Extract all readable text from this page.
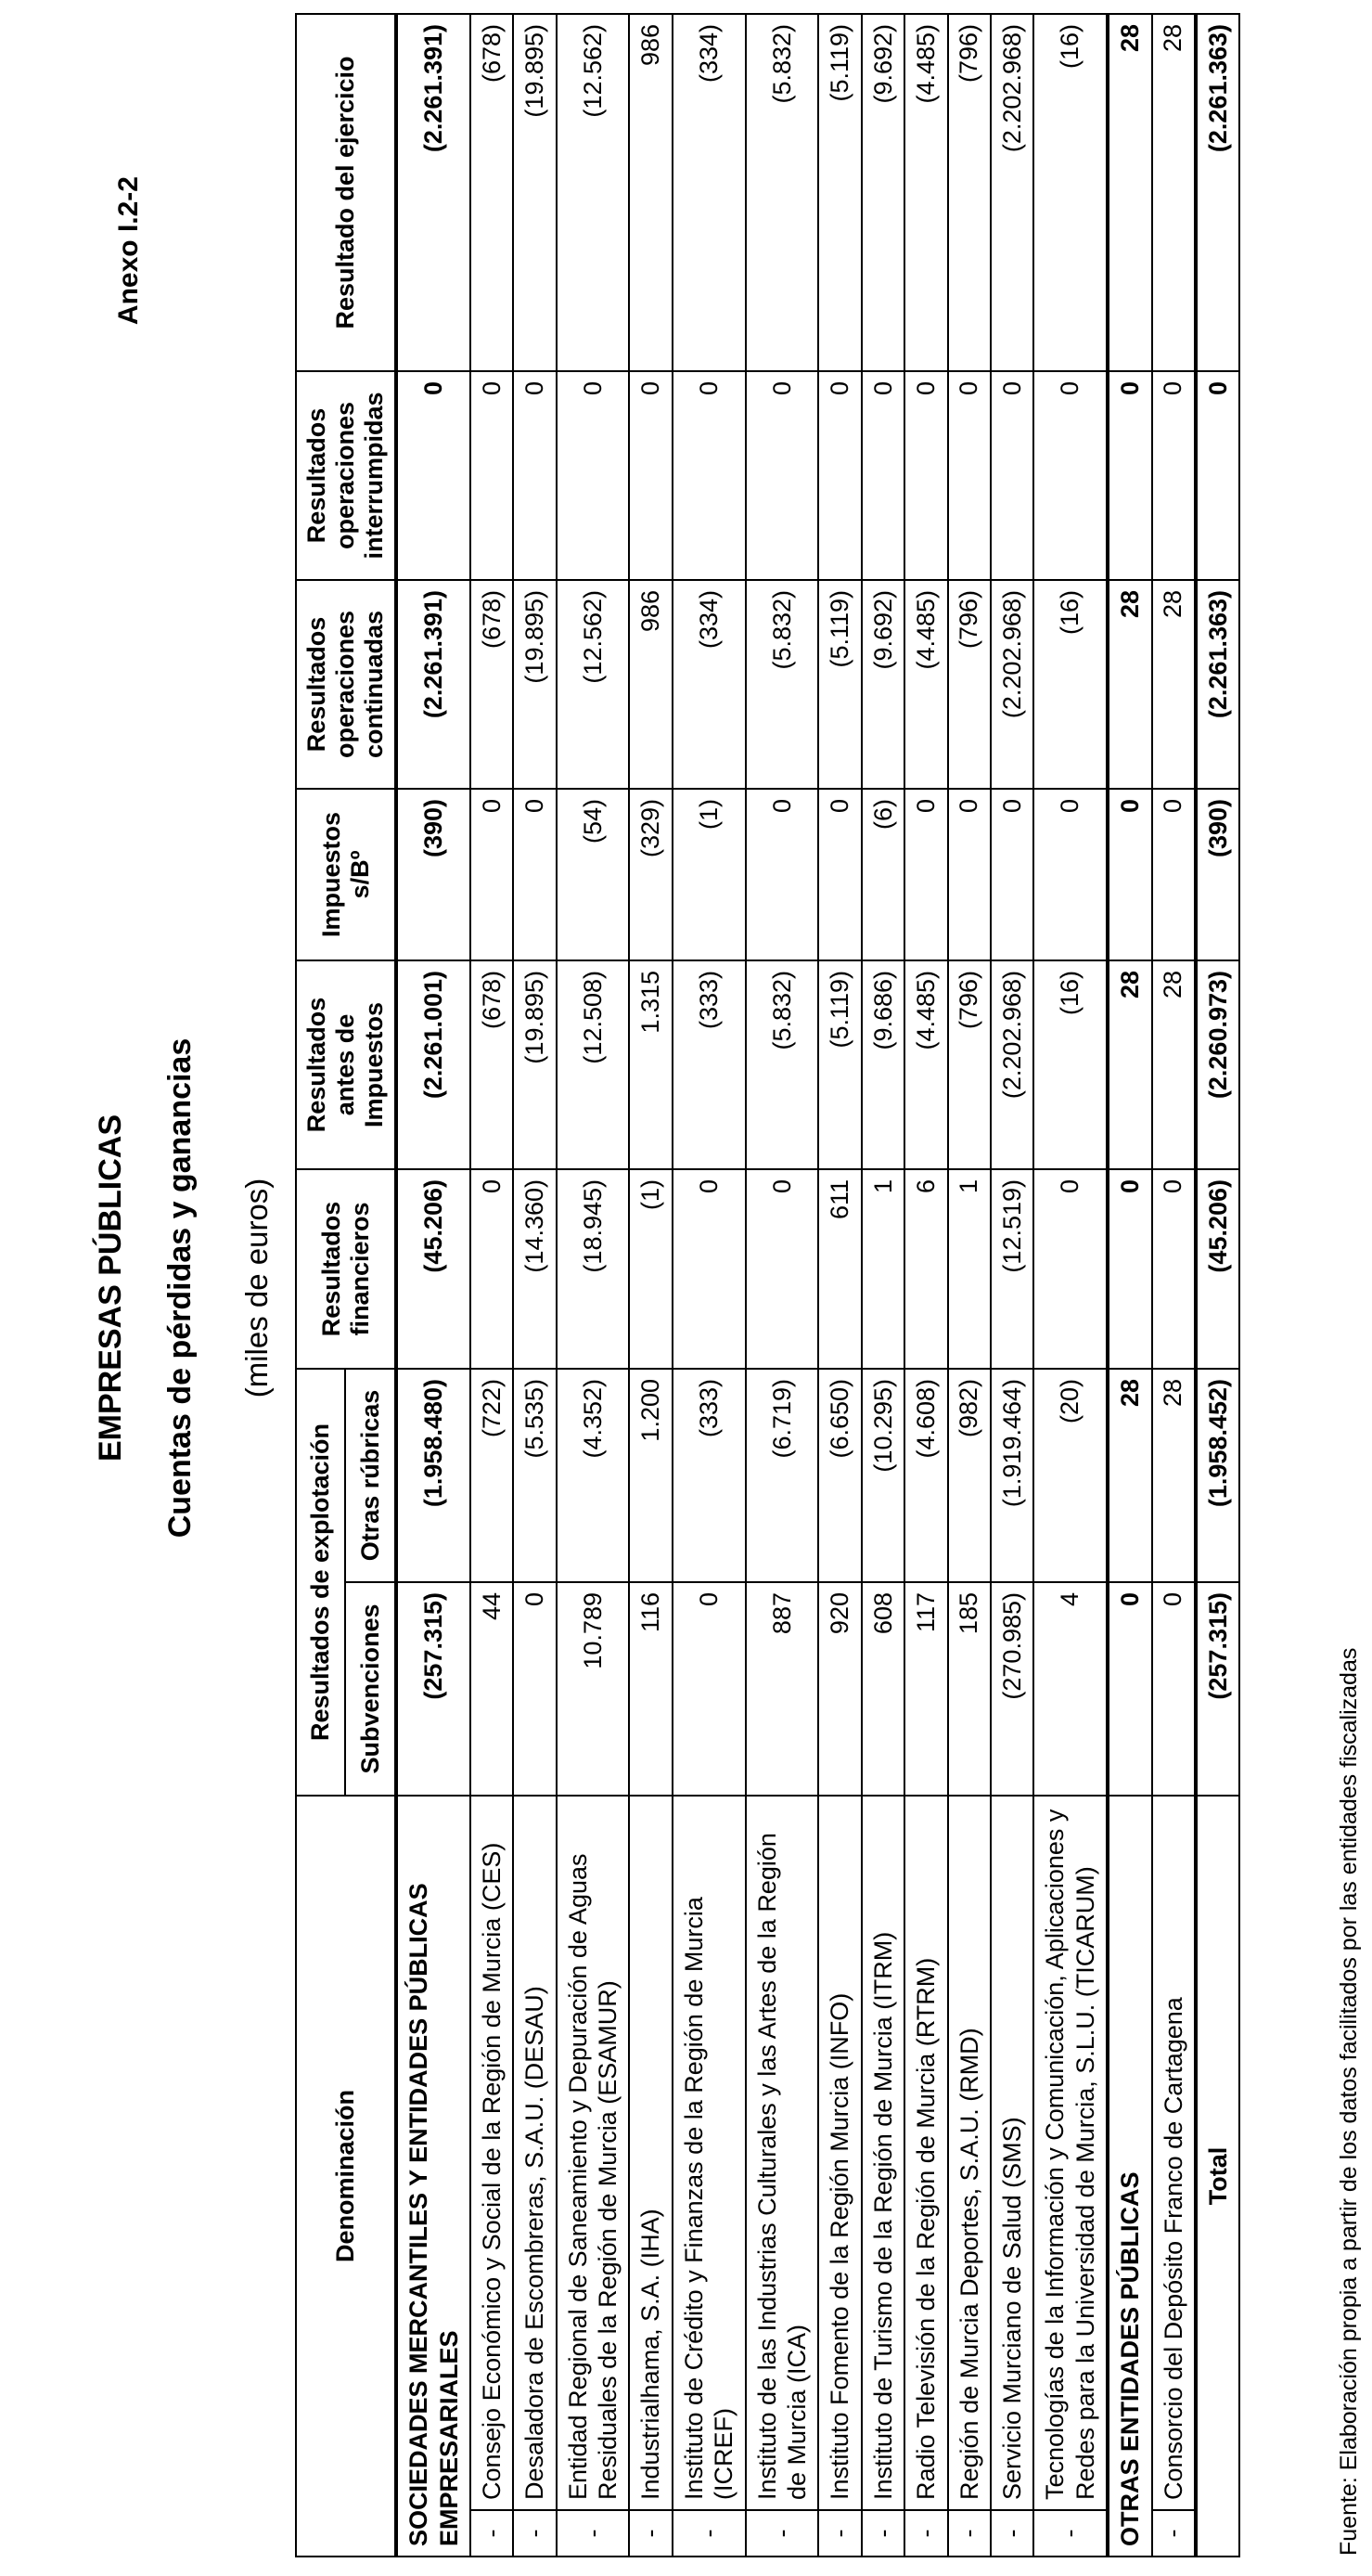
Anexo I.2-2
EMPRESAS PÚBLICAS Cuentas de pérdidas y ganancias (miles de euros)
Denominación		Resultados de explotación		Resultados financieros	Resultados antes de Impuestos	Impuestos s/Bº	Resultados operaciones continuadas	Resultados operaciones interrumpidas	Resultado del ejercicio
		Subvenciones	Otras rúbricas						
SOCIEDADES MERCANTILES Y ENTIDADES PÚBLICAS EMPRESARIALES		(257.315)	(1.958.480)	(45.206)	(2.261.001)	(390)	(2.261.391)	0	(2.261.391)
-	Consejo Económico y Social de la Región de Murcia (CES)	44	(722)	0	(678)	0	(678)	0	(678)
-	Desaladora de Escombreras, S.A.U. (DESAU)	0	(5.535)	(14.360)	(19.895)	0	(19.895)	0	(19.895)
-	Entidad Regional de Saneamiento y Depuración de Aguas Residuales de la Región de Murcia (ESAMUR)	10.789	(4.352)	(18.945)	(12.508)	(54)	(12.562)	0	(12.562)
-	Industrialhama, S.A. (IHA)	116	1.200	(1)	1.315	(329)	986	0	986
-	Instituto de Crédito y Finanzas de la Región de Murcia (ICREF)	0	(333)	0	(333)	(1)	(334)	0	(334)
-	Instituto de las Industrias Culturales y las Artes de la Región de Murcia (ICA)	887	(6.719)	0	(5.832)	0	(5.832)	0	(5.832)
-	Instituto Fomento de la Región Murcia (INFO)	920	(6.650)	611	(5.119)	0	(5.119)	0	(5.119)
-	Instituto de Turismo de la Región de Murcia (ITRM)	608	(10.295)	1	(9.686)	(6)	(9.692)	0	(9.692)
-	Radio Televisión de la Región de Murcia (RTRM)	117	(4.608)	6	(4.485)	0	(4.485)	0	(4.485)
-	Región de Murcia Deportes, S.A.U. (RMD)	185	(982)	1	(796)	0	(796)	0	(796)
-	Servicio Murciano de Salud (SMS)	(270.985)	(1.919.464)	(12.519)	(2.202.968)	0	(2.202.968)	0	(2.202.968)
-	Tecnologías de la Información y Comunicación, Aplicaciones y Redes para la Universidad de Murcia, S.L.U. (TICARUM)	4	(20)	0	(16)	0	(16)	0	(16)
OTRAS ENTIDADES PÚBLICAS		0	28	0	28	0	28	0	28
-	Consorcio del Depósito Franco de Cartagena	0	28	0	28	0	28	0	28
Total		(257.315)	(1.958.452)	(45.206)	(2.260.973)	(390)	(2.261.363)	0	(2.261.363)
Fuente: Elaboración propia a partir de los datos facilitados por las entidades fiscalizadas
